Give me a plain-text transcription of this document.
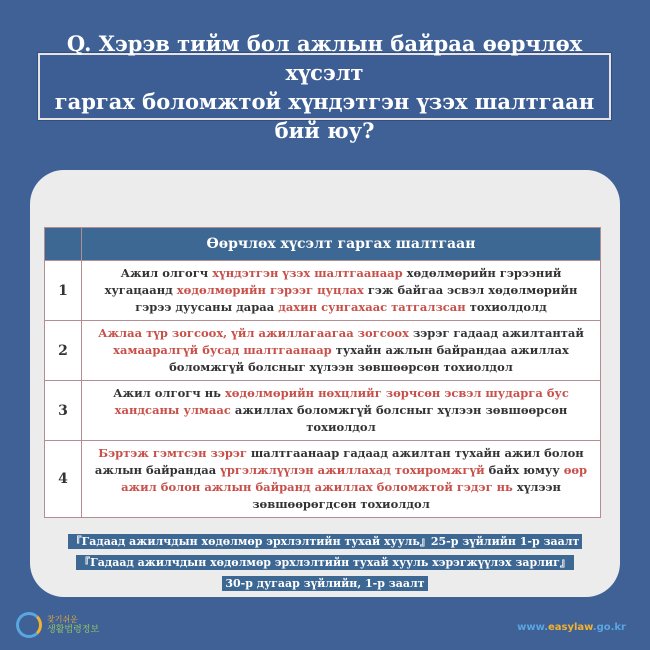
Q. Хэрэв тийм бол ажлын байраа өөрчлөх хүсэлт
гаргах боломжтой хүндэтгэн үзэх шалтгаан бий юу?
	Өөрчлөх хүсэлт гаргах шалтгаан
1	Ажил олгогч хүндэтгэн үзэх шалтгаанаар хөдөлмөрийн гэрээний хугацаанд хөдөлмөрийн гэрээг цуцлах гэж байгаа эсвэл хөдөлмөрийн гэрээ дуусаны дараа дахин сунгахаас татгалзсан тохиолдолд
2	Ажлаа түр зогсоох, үйл ажиллагаагаа зогсоох зэрэг гадаад ажилтантай хамааралгүй бусад шалтгаанаар тухайн ажлын байрандаа ажиллах боломжгүй болсныг хүлээн зөвшөөрсөн тохиолдол
3	Ажил олгогч нь хөдөлмөрийн нөхцлийг зөрчсөн эсвэл шударга бус хандсаны улмаас ажиллах боломжгүй болсныг хүлээн зөвшөөрсөн тохиолдол
4	Бэртэж гэмтсэн зэрэг шалтгаанаар гадаад ажилтан тухайн ажил болон ажлын байрандаа үргэлжлүүлэн ажиллахад тохиромжгүй байх юмуу өөр ажил болон ажлын байранд ажиллах боломжтой гэдэг нь хүлээн зөвшөөрөгдсөн тохиолдол
『Гадаад ажилчдын хөдөлмөр эрхлэлтийн тухай хууль』25-р зүйлийн 1-р заалт
『Гадаад ажилчдын хөдөлмөр эрхлэлтийн тухай хууль хэрэгжүүлэх зарлиг』
30-р дугаар зүйлийн, 1-р заалт
찾기쉬운
생활법령정보	www.easylaw.go.kr
